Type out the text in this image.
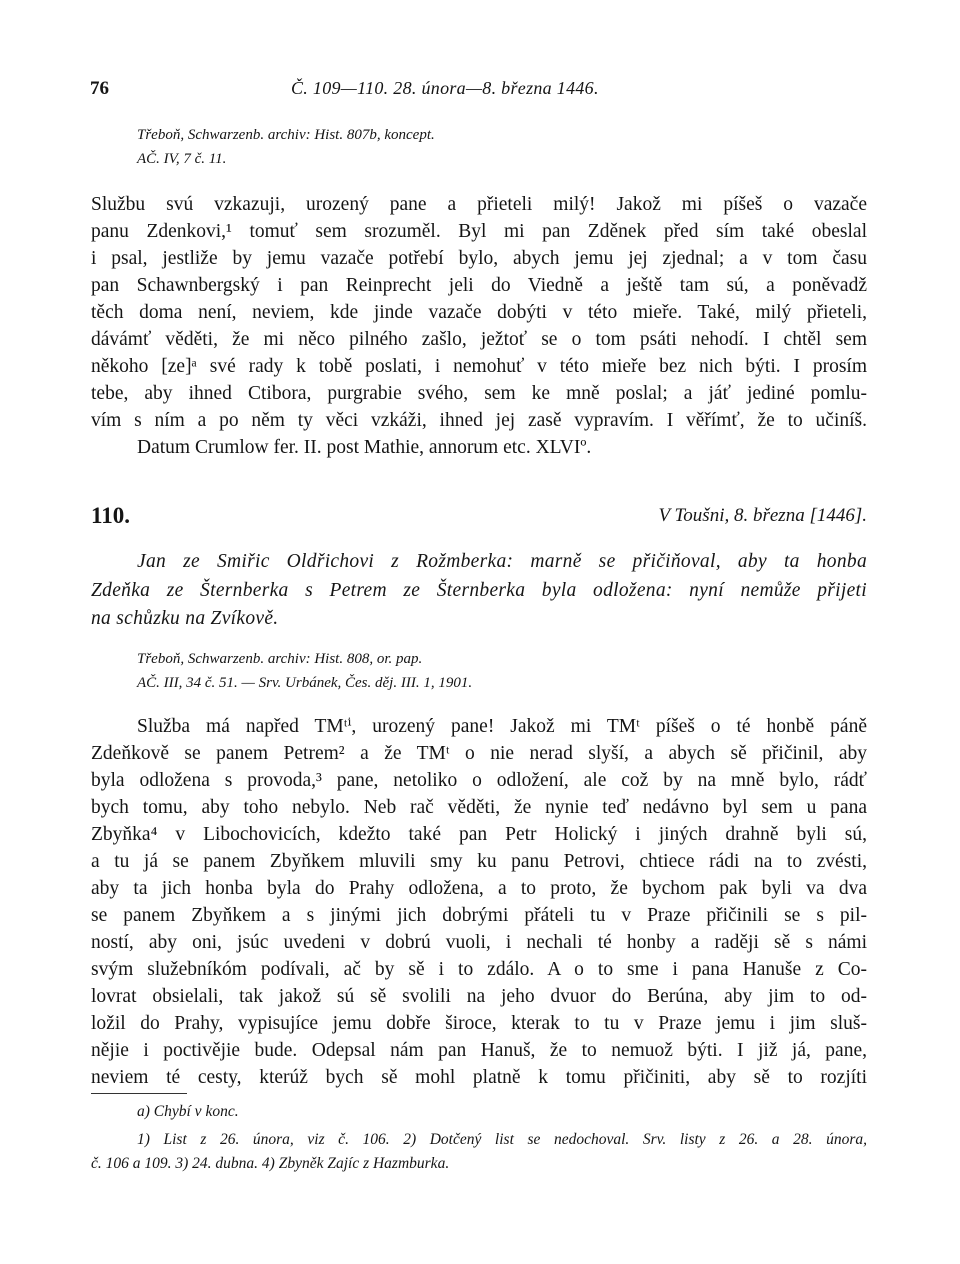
76	Č. 109—110. 28. února—8. března 1446.
Třeboň, Schwarzenb. archiv: Hist. 807b, koncept.
AČ. IV, 7 č. 11.
Službu svú vzkazuji, urozený pane a přieteli milý! Jakož mi píšeš o vazače
panu Zdenkovi,¹ tomuť sem srozuměl. Byl mi pan Zděnek před sím také obeslal
i psal, jestliže by jemu vazače potřebí bylo, abych jemu jej zjednal; a v tom času
pan Schawnbergský i pan Reinprecht jeli do Viedně a ještě tam sú, a poněvadž
těch doma není, neviem, kde jinde vazače dobýti v této mieře. Také, milý přieteli,
dávámť věděti, že mi něco pilného zašlo, ježtoť se o tom psáti nehodí. I chtěl sem
někoho [ze]ᵃ své rady k tobě poslati, i nemohuť v této mieře bez nich býti. I prosím
tebe, aby ihned Ctibora, purgrabie svého, sem ke mně poslal; a jáť jediné pomlu-
vím s ním a po něm ty věci vzkáži, ihned jej zasě vypravím. I věřímť, že to učiníš.
Datum Crumlow fer. II. post Mathie, annorum etc. XLVIº.
110.	V Toušni, 8. března [1446].
Jan ze Smiřic Oldřichovi z Rožmberka: marně se přičiňoval, aby ta honba
Zdeňka ze Šternberka s Petrem ze Šternberka byla odložena: nyní nemůže přijeti
na schůzku na Zvíkově.
Třeboň, Schwarzenb. archiv: Hist. 808, or. pap.
AČ. III, 34 č. 51. — Srv. Urbánek, Čes. děj. III. 1, 1901.
Služba má napřed TMᵗⁱ, urozený pane! Jakož mi TMᵗ píšeš o té honbě páně
Zdeňkově se panem Petrem² a že TMᵗ o nie nerad slyší, a abych sě přičinil, aby
byla odložena s provoda,³ pane, netoliko o odložení, ale což by na mně bylo, rádť
bych tomu, aby toho nebylo. Neb rač věděti, že nynie teď nedávno byl sem u pana
Zbyňka⁴ v Libochovicích, kdežto také pan Petr Holický i jiných drahně byli sú,
a tu já se panem Zbyňkem mluvili smy ku panu Petrovi, chtiece rádi na to zvésti,
aby ta jich honba byla do Prahy odložena, a to proto, že bychom pak byli va dva
se panem Zbyňkem a s jinými jich dobrými přáteli tu v Praze přičinili se s pil-
ností, aby oni, jsúc uvedeni v dobrú vuoli, i nechali té honby a raději sě s námi
svým služebníkóm podívali, ač by sě i to zdálo. A o to sme i pana Hanuše z Co-
lovrat obsielali, tak jakož sú sě svolili na jeho dvuor do Berúna, aby jim to od-
ložil do Prahy, vypisujíce jemu dobře široce, kterak to tu v Praze jemu i jim sluš-
nějie i poctivějie bude. Odepsal nám pan Hanuš, že to nemuož býti. I již já, pane,
neviem té cesty, kterúž bych sě mohl platně k tomu přičiniti, aby sě to rozjíti
a) Chybí v konc.
1) List z 26. února, viz č. 106. 2) Dotčený list se nedochoval. Srv. listy z 26. a 28. února,
č. 106 a 109. 3) 24. dubna. 4) Zbyněk Zajíc z Hazmburka.
